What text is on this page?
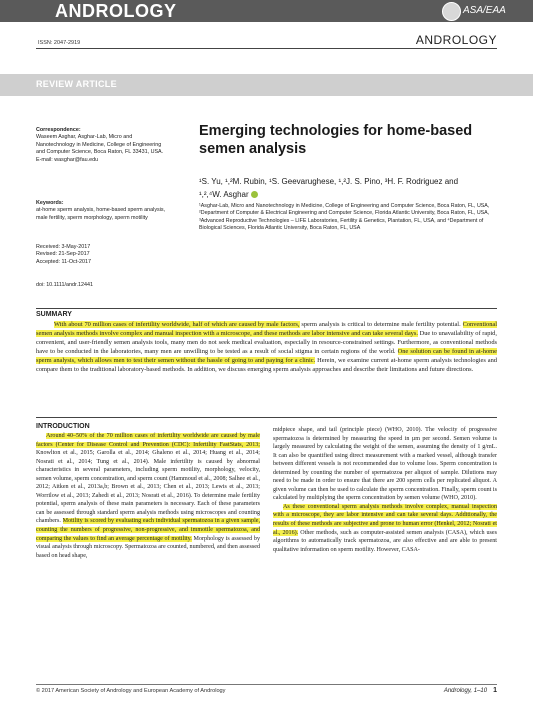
ANDROLOGY	ASA/EAA
ISSN: 2047-2919	ANDROLOGY
REVIEW ARTICLE
Correspondence:
Waseem Asghar, Asghar-Lab, Micro and Nanotechnology in Medicine, College of Engineering and Computer Science, Boca Raton, FL 33431, USA.
E-mail: wasghar@fau.edu
Keywords:
at-home sperm analysis, home-based sperm analysis, male fertility, sperm morphology, sperm motility
Received: 3-May-2017
Revised: 21-Sep-2017
Accepted: 11-Oct-2017
doi: 10.1111/andr.12441
Emerging technologies for home-based semen analysis
¹S. Yu, ¹,²M. Rubin, ¹S. Geevarughese, ¹,²J. S. Pino, ³H. F. Rodriguez and
¹,²,⁴W. Asghar
¹Asghar-Lab, Micro and Nanotechnology in Medicine, College of Engineering and Computer Science, Boca Raton, FL, USA, ²Department of Computer & Electrical Engineering and Computer Science, Florida Atlantic University, Boca Raton, FL, USA, ³Advanced Reproductive Technologies – LIFE Laboratories, Fertility & Genetics, Plantation, FL, USA, and ⁴Department of Biological Sciences, Florida Atlantic University, Boca Raton, FL, USA
SUMMARY
With about 70 million cases of infertility worldwide, half of which are caused by male factors, sperm analysis is critical to determine male fertility potential. Conventional semen analysis methods involve complex and manual inspection with a microscope, and these methods are labor intensive and can take several days. Due to unavailability of rapid, convenient, and user-friendly semen analysis tools, many men do not seek medical evaluation, especially in resource-constrained settings. Furthermore, as conventional methods have to be conducted in the laboratories, many men are unwilling to be tested as a result of social stigma in certain regions of the world. One solution can be found in at-home sperm analysis, which allows men to test their semen without the hassle of going to and paying for a clinic. Herein, we examine current at-home sperm analysis technologies and compare them to the traditional laboratory-based methods. In addition, we discuss emerging sperm analysis approaches and describe their limitations and future directions.
INTRODUCTION

Around 40–50% of the 70 million cases of infertility worldwide are caused by male factors (Center for Disease Control and Prevention (CDC): Infertility FastStats, 2013; Knowlton et al., 2015; Garolla et al., 2014; Ghaleno et al., 2014; Huang et al., 2014; Nosrati et al., 2014; Tung et al., 2014). Male infertility is caused by abnormal characteristics in several parameters, including sperm motility, morphology, velocity, semen volume, sperm concentration, and sperm count (Hammoud et al., 2008; Salhee et al., 2012; Aitken et al., 2013a,b; Brown et al., 2013; Chen et al., 2013; Lewis et al., 2013; Worrilow et al., 2013; Zahedi et al., 2013; Nosrati et al., 2016). To determine male fertility potential, sperm analysis of these main parameters is necessary. Each of these parameters can be assessed through standard sperm analysis methods using microscopes and counting chambers. Motility is scored by evaluating each individual spermatozoa in a given sample, counting the numbers of progressive, non-progressive, and immotile spermatozoa, and comparing the values to find an average percentage of motility. Morphology is assessed by visual analysis through microscopy. Spermatozoa are counted, numbered, and then assessed based on head shape,

midpiece shape, and tail (principle piece) (WHO, 2010). The velocity of progressive spermatozoa is determined by measuring the speed in µm per second. Semen volume is largely measured by calculating the weight of the semen, assuming the density of 1 g/mL. It can also be quantified using direct measurement with a marked vessel, although transfer between different vessels is not recommended due to volume loss. Sperm concentration is determined by counting the number of spermatozoa per aliquot of sample. Dilutions may need to be made in order to ensure that there are 200 sperm cells per replicated aliquot. A given volume can then be used to calculate the sperm concentration. Finally, sperm count is calculated by multiplying the sperm concentration by semen volume (WHO, 2010).

As these conventional sperm analysis methods involve complex, manual inspection with a microscope, they are labor intensive and can take several days. Additionally, the results of these methods are subjective and prone to human error (Henkel, 2012; Nosrati et al., 2016). Other methods, such as computer-assisted semen analysis (CASA), which uses algorithms to automatically track spermatozoa, are also effective and are able to present qualitative information on sperm motility. However, CASA-

© 2017 American Society of Andrology and European Academy of Andrology	Andrology, 1–10 1
